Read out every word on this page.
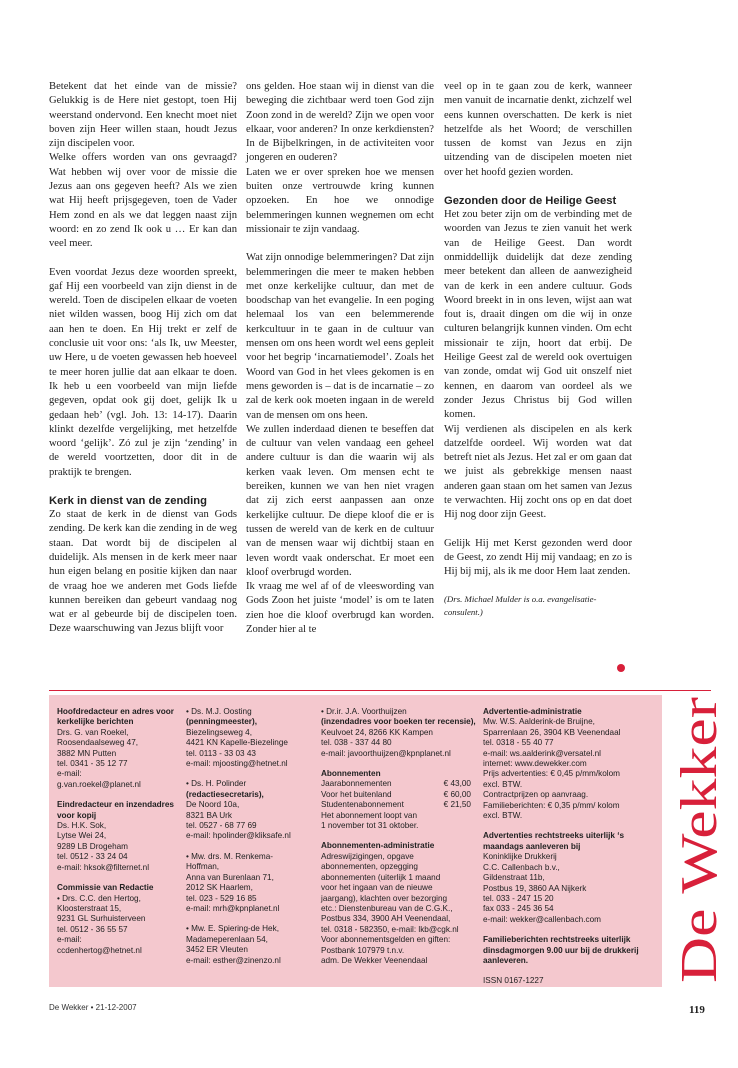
Betekent dat het einde van de missie? Gelukkig is de Here niet gestopt, toen Hij weerstand ondervond. Een knecht moet niet boven zijn Heer willen staan, houdt Jezus zijn discipelen voor.

Welke offers worden van ons gevraagd? Wat hebben wij over voor de missie die Jezus aan ons gegeven heeft? Als we zien wat Hij heeft prijsgegeven, toen de Vader Hem zond en als we dat leggen naast zijn woord: en zo zend Ik ook u … Er kan dan veel meer.

Even voordat Jezus deze woorden spreekt, gaf Hij een voorbeeld van zijn dienst in de wereld. Toen de discipelen elkaar de voeten niet wilden wassen, boog Hij zich om dat aan hen te doen. En Hij trekt er zelf de conclusie uit voor ons: ‘als Ik, uw Meester, uw Here, u de voeten gewassen heb hoeveel te meer horen jullie dat aan elkaar te doen. Ik heb u een voorbeeld van mijn liefde gegeven, opdat ook gij doet, gelijk Ik u gedaan heb’ (vgl. Joh. 13: 14-17). Daarin klinkt dezelfde vergelijking, met hetzelfde woord ‘gelijk’. Zó zul je zijn ‘zending’ in de wereld voortzetten, door dit in de praktijk te brengen.

Kerk in dienst van de zending

Zo staat de kerk in de dienst van Gods zending. De kerk kan die zending in de weg staan. Dat wordt bij de discipelen al duidelijk. Als mensen in de kerk meer naar hun eigen belang en positie kijken dan naar de vraag hoe we anderen met Gods liefde kunnen bereiken dan gebeurt vandaag nog wat er al gebeurde bij de discipelen toen. Deze waarschuwing van Jezus blijft voor

ons gelden. Hoe staan wij in dienst van die beweging die zichtbaar werd toen God zijn Zoon zond in de wereld? Zijn we open voor elkaar, voor anderen? In onze kerkdiensten? In de Bijbelkringen, in de activiteiten voor jongeren en ouderen?

Laten we er over spreken hoe we mensen buiten onze vertrouwde kring kunnen opzoeken. En hoe we onnodige belemmeringen kunnen wegnemen om echt missionair te zijn vandaag.

Wat zijn onnodige belemmeringen? Dat zijn belemmeringen die meer te maken hebben met onze kerkelijke cultuur, dan met de boodschap van het evangelie. In een poging helemaal los van een belemmerende kerkcultuur in te gaan in de cultuur van mensen om ons heen wordt wel eens gepleit voor het begrip ‘incarnatiemodel’. Zoals het Woord van God in het vlees gekomen is en mens geworden is – dat is de incarnatie – zo zal de kerk ook moeten ingaan in de wereld van de mensen om ons heen.

We zullen inderdaad dienen te beseffen dat de cultuur van velen vandaag een geheel andere cultuur is dan die waarin wij als kerken vaak leven. Om mensen echt te bereiken, kunnen we van hen niet vragen dat zij zich eerst aanpassen aan onze kerkelijke cultuur. De diepe kloof die er is tussen de wereld van de kerk en de cultuur van de mensen waar wij dichtbij staan en leven wordt vaak onderschat. Er moet een kloof overbrugd worden.

Ik vraag me wel af of de vleeswording van Gods Zoon het juiste ‘model’ is om te laten zien hoe die kloof overbrugd kan worden. Zonder hier al te

veel op in te gaan zou de kerk, wanneer men vanuit de incarnatie denkt, zichzelf wel eens kunnen overschatten. De kerk is niet hetzelfde als het Woord; de verschillen tussen de komst van Jezus en zijn uitzending van de discipelen moeten niet over het hoofd gezien worden.

Gezonden door de Heilige Geest

Het zou beter zijn om de verbinding met de woorden van Jezus te zien vanuit het werk van de Heilige Geest. Dan wordt onmiddellijk duidelijk dat deze zending meer betekent dan alleen de aanwezigheid van de kerk in een andere cultuur. Gods Woord breekt in in ons leven, wijst aan wat fout is, draait dingen om die wij in onze culturen belangrijk kunnen vinden. Om echt missionair te zijn, hoort dat erbij. De Heilige Geest zal de wereld ook overtuigen van zonde, omdat wij God uit onszelf niet kennen, en daarom van oordeel als we zonder Jezus Christus bij God willen komen.

Wij verdienen als discipelen en als kerk datzelfde oordeel. Wij worden wat dat betreft niet als Jezus. Het zal er om gaan dat we juist als gebrekkige mensen naast anderen gaan staan om het samen van Jezus te verwachten. Hij zocht ons op en dat doet Hij nog door zijn Geest.

Gelijk Hij met Kerst gezonden werd door de Geest, zo zendt Hij mij vandaag; en zo is Hij bij mij, als ik me door Hem laat zenden.

(Drs. Michael Mulder is o.a. evangelisatie-consulent.)

Hoofdredacteur en adres voor kerkelijke berichten
Drs. G. van Roekel,
Roosendaalseweg 47,
3882 MN Putten
tel. 0341 - 35 12 77
e-mail:
g.van.roekel@planet.nl
Eindredacteur en inzendadres voor kopij
Ds. H.K. Sok,
Lytse Wei 24,
9289 LB Drogeham
tel. 0512 - 33 24 04
e-mail: hksok@filternet.nl
Commissie van Redactie
• Drs. C.C. den Hertog,
Kloosterstraat 15,
9231 GL Surhuisterveen
tel. 0512 - 36 55 57
e-mail:
ccdenhertog@hetnet.nl
• Ds. M.J. Oosting
(penningmeester),
Biezelingseweg 4,
4421 KN Kapelle-Biezelinge
tel. 0113 - 33 03 43
e-mail: mjoosting@hetnet.nl
• Ds. H. Polinder
(redactiesecretaris),
De Noord 10a,
8321 BA Urk
tel. 0527 - 68 77 69
e-mail: hpolinder@kliksafe.nl
• Mw. drs. M. Renkema-
Hoffman,
Anna van Burenlaan 71,
2012 SK Haarlem,
tel. 023 - 529 16 85
e-mail: mrh@kpnplanet.nl
• Mw. E. Spiering-de Hek,
Madameperenlaan 54,
3452 ER Vleuten
e-mail: esther@zinenzo.nl
• Dr.ir. J.A. Voorthuijzen
(inzendadres voor boeken ter recensie),
Keulvoet 24, 8266 KK Kampen
tel. 038 - 337 44 80
e-mail: javoorthuijzen@kpnplanet.nl
Abonnementen
Jaarabonnementen	€ 43,00
Voor het buitenland	€ 60,00
Studentenabonnement	€ 21,50
Het abonnement loopt van
1 november tot 31 oktober.
Abonnementen-administratie
Adreswijzigingen, opgave
abonnementen, opzegging
abonnementen (uiterlijk 1 maand
voor het ingaan van de nieuwe
jaargang), klachten over bezorging
etc.: Dienstenbureau van de C.G.K.,
Postbus 334, 3900 AH Veenendaal,
tel. 0318 - 582350, e-mail: lkb@cgk.nl
Voor abonnementsgelden en giften:
Postbank 107979 t.n.v.
adm. De Wekker Veenendaal
Advertentie-administratie
Mw. W.S. Aalderink-de Bruijne,
Sparrenlaan 26, 3904 KB Veenendaal
tel. 0318 - 55 40 77
e-mail: ws.aalderink@versatel.nl
internet: www.dewekker.com
Prijs advertenties: € 0,45 p/mm/kolom
excl. BTW.
Contractprijzen op aanvraag.
Familieberichten: € 0,35 p/mm/ kolom
excl. BTW.
Advertenties rechtstreeks uiterlijk ‘s maandags aanleveren bij
Koninklijke Drukkerij
C.C. Callenbach b.v.,
Gildenstraat 11b,
Postbus 19, 3860 AA Nijkerk
tel. 033 - 247 15 20
fax 033 - 245 36 54
e-mail: wekker@callenbach.com
Familieberichten rechtstreeks uiterlijk dinsdagmorgen 9.00 uur bij de drukkerij aanleveren.
ISSN 0167-1227	De Wekker
De Wekker • 21-12-2007	119
